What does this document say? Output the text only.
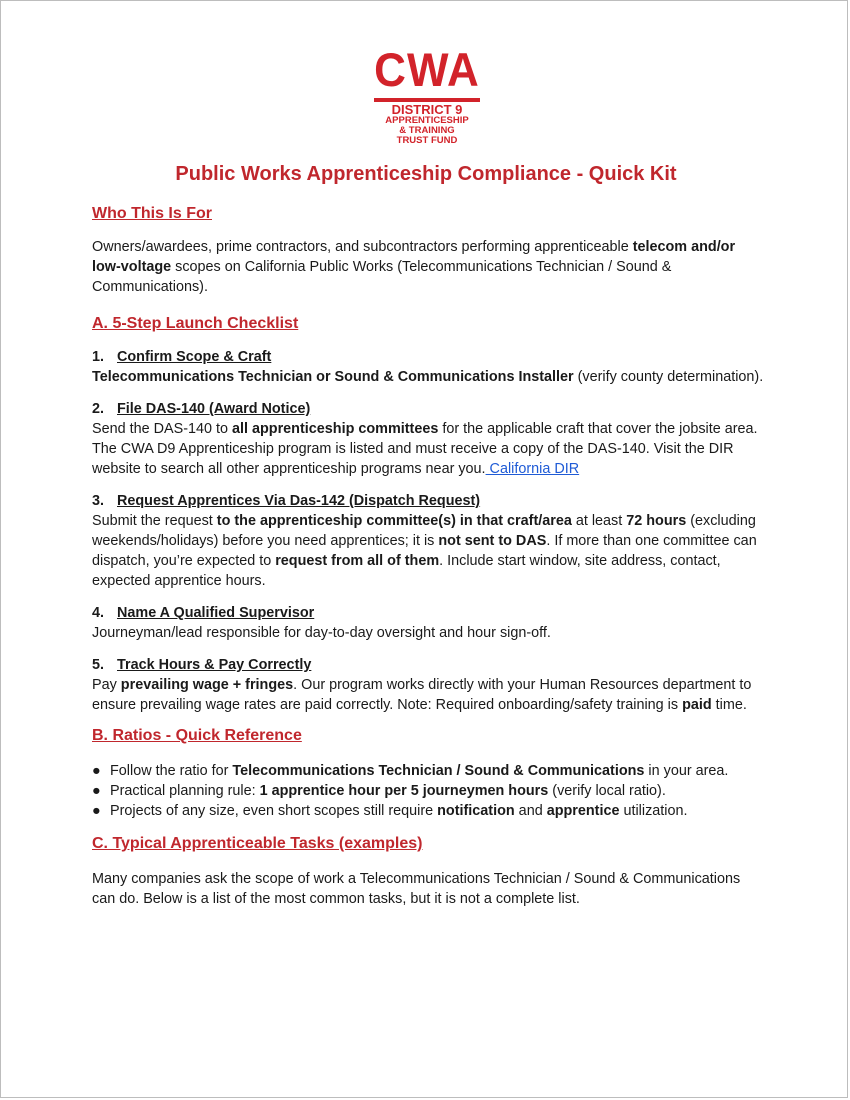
CWA
DISTRICT 9
APPRENTICESHIP
& TRAINING
TRUST FUND
Public Works Apprenticeship Compliance - Quick Kit
Who This Is For

Owners/awardees, prime contractors, and subcontractors performing apprenticeable telecom and/or low-voltage scopes on California Public Works (Telecommunications Technician / Sound & Communications).

A. 5-Step Launch Checklist
1. Confirm Scope & Craft

Telecommunications Technician or Sound & Communications Installer (verify county determination).

2. File DAS-140 (Award Notice)

Send the DAS-140 to all apprenticeship committees for the applicable craft that cover the jobsite area. The CWA D9 Apprenticeship program is listed and must receive a copy of the DAS-140. Visit the DIR website to search all other apprenticeship programs near you. California DIR

3. Request Apprentices Via Das-142 (Dispatch Request)

Submit the request to the apprenticeship committee(s) in that craft/area at least 72 hours (excluding weekends/holidays) before you need apprentices; it is not sent to DAS. If more than one committee can dispatch, you’re expected to request from all of them. Include start window, site address, contact, expected apprentice hours.

4. Name A Qualified Supervisor

Journeyman/lead responsible for day-to-day oversight and hour sign-off.

5. Track Hours & Pay Correctly

Pay prevailing wage + fringes. Our program works directly with your Human Resources department to ensure prevailing wage rates are paid correctly. Note: Required onboarding/safety training is paid time.

B. Ratios - Quick Reference
● Follow the ratio for Telecommunications Technician / Sound & Communications in your area.
● Practical planning rule: 1 apprentice hour per 5 journeymen hours (verify local ratio).
● Projects of any size, even short scopes still require notification and apprentice utilization.
C. Typical Apprenticeable Tasks (examples)

Many companies ask the scope of work a Telecommunications Technician / Sound & Communications can do. Below is a list of the most common tasks, but it is not a complete list.
